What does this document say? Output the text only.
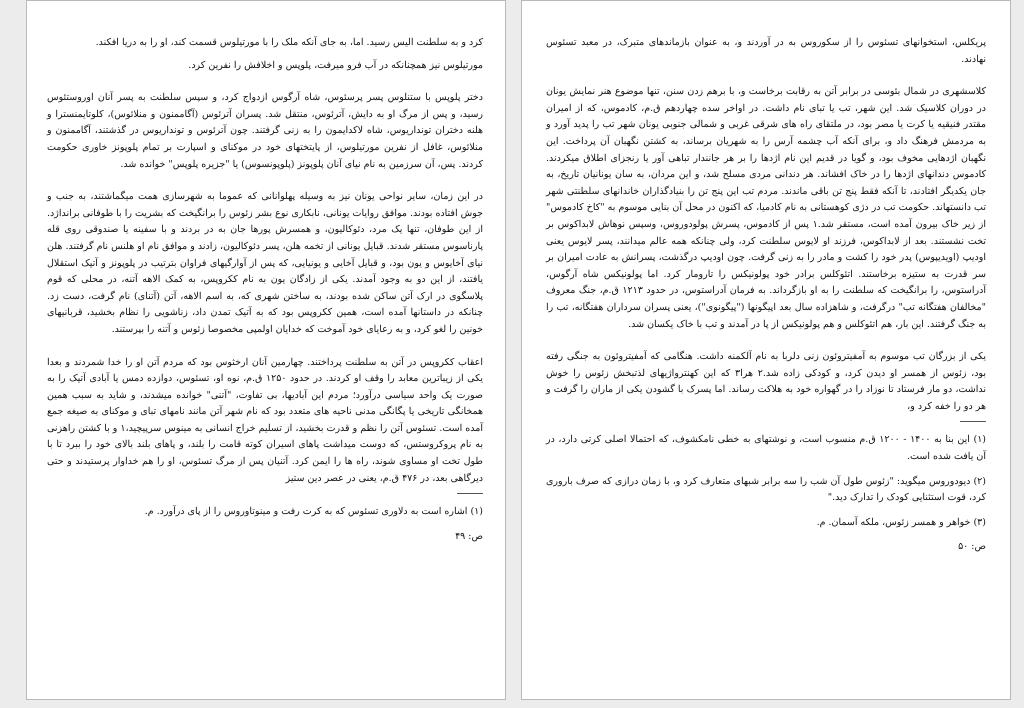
کرد و به سلطنت الیس رسید. اما، به جای آنکه ملک را با مورتیلوس قسمت کند، او را به دریا افکند.

مورتیلوس نیز همچنانکه در آب فرو میرفت، پلوپس و اخلافش را نفرین کرد.

دختر پلوپس با ستنلوس پسر پرسئوس، شاه آرگوس ازدواج کرد، و سپس سلطنت به پسر آنان اوروستئوس رسید، و پس از مرگ او به دایش، آترئوس، منتقل شد. پسران آترئوس (آگاممنون و منلائوس)، کلوتایمنسترا و هلنه دختران تونداریوس، شاه لاکدایمون را به زنی گرفتند. چون آترئوس و تونداریوس در گذشتند، آگاممنون و منلائوس، غافل از نفرین مورتیلوس، از پایتختهای خود در موکنای و اسپارت بر تمام پلوپونز خاوری حکومت کردند. پس، آن سرزمین به نام نیای آنان پلوپونز (پلوپونسوس) یا "جزیره پلوپس" خوانده شد.

در این زمان، سایر نواحی یونان نیز به وسیله پهلوانانی که عموما به شهرسازی همت میگماشتند، به جنب و جوش افتاده بودند. موافق روایات یونانی، نابکاری نوع بشر زئوس را برانگیخت که بشریت را با طوفانی برانداژد. از این طوفان، تنها یک مرد، دئوکالیون، و همسرش پورها جان به در بردند و با سفینه یا صندوقی روی قله پارناسوس مستقر شدند. قبایل یونانی از تخمه هلن، پسر دئوکالیون، زادند و موافق نام او هلنس نام گرفتند. هلن نیای آخایوس و یون بود، و قبایل آخایی و یونیایی، که پس از آوارگیهای فراوان بترتیب در پلوپونز و آتیک استقلال یافتند، از این دو به وجود آمدند. یکی از زادگان یون به نام ککروپس، به کمک الاهه آتنه، در محلی که قوم پلاسگوی در ارک آتن ساکن شده بودند، به ساختن شهری که، به اسم الاهه، آتن (آتنای) نام گرفت، دست زد. چنانکه در داستانها آمده است، همین ککروپس بود که به آتیک تمدن داد، زناشویی را نظام بخشید، قربانیهای خونین را لغو کرد، و به رعایای خود آموخت که خدایان اولمپی مخصوصا زئوس و آتنه را بپرستند.

اعقاب ککروپس در آتن به سلطنت پرداختند. چهارمین آنان ارخثوس بود که مردم آتن او را خدا شمردند و بعدا یکی از زیباترین معابد را وقف او کردند. در حدود ۱۲۵۰ ق.م، نوه او، تسئوس، دوازده دمس یا آبادی آتیک را به صورت یک واحد سیاسی درآورد؛ مردم این آبادیها، بی تفاوت، "آتنی" خوانده میشدند، و شاید به سبب همین همخانگی تاریخی یا پگانگی مدنی ناحیه های متعدد بود که نام شهر آتن مانند نامهای تبای و موکنای به صیغه جمع آمده است. تسئوس آتن را نظم و قدرت بخشید، از تسلیم خراج انسانی به مینوس سرپیچید،۱ و با کشتن راهزنی به نام پروکروستس، که دوست میداشت پاهای اسیران کوته قامت را بلند، و پاهای بلند بالای خود را ببرد تا با طول تخت او مساوی شوند، راه ها را ایمن کرد. آتنیان پس از مرگ تسئوس، او را هم خداوار پرستیدند و حتی دیرگاهی بعد، در ۴۷۶ ق.م، یعنی در عصر دین ستیز

(۱) اشاره است به دلاوری تسئوس که به کرت رفت و مینوتاوروس را از پای درآورد. م.

ص: ۴۹

پریکلس، استخوانهای تسئوس را از سکوروس به در آوردند و، به عنوان بازماندهای متبرک، در معبد تسئوس نهادند.

کلاسشهری در شمال بئوسی در برابر آتن به رقابت برخاست و، با برهم زدن سنن، تنها موضوع هنر نمایش یونان در دوران کلاسیک شد. این شهر، تب یا تبای نام داشت. در اواخر سده چهاردهم ق.م، کادموس، که از امیران مقتدر فنیقیه یا کرت یا مصر بود، در ملتقای راه های شرقی غربی و شمالی جنوبی یونان شهر تب را پدید آورد و به مردمش فرهنگ داد و، برای آنکه آب چشمه آرس را به شهریان برساند، به کشتن نگهبان آن پرداخت. این نگهبان اژدهایی مخوف بود، و گویا در قدیم این نام اژدها را بر هر جانندار تباهی آور یا رنجزای اطلاق میکردند. کادموس دندانهای اژدها را در خاک افشاند. هر دندانی مردی مسلح شد، و این مردان، به سان یونانیان تاریخ، به جان یکدیگر افتادند، تا آنکه فقط پنج تن باقی ماندند. مردم تب این پنج تن را بنیادگذاران خاندانهای سلطنتی شهر تب دانستهاند. حکومت تب در دژی کوهستانی به نام کادمیا، که اکنون در محل آن بنایی موسوم به "کاخ کادموس" از زیر خاک بیرون آمده است، مستقر شد.۱ پس از کادموس، پسرش پولودوروس، وسپس نوهاش لابداکوس بر تخت نشستند. بعد از لابداکوس، فرزند او لایوس سلطنت کرد، ولی چنانکه همه عالم میدانند، پسر لایوس یعنی اودیپ (اویدیپوس) پدر خود را کشت و مادر را به زنی گرفت. چون اودیپ درگذشت، پسرانش به عادت امیران بر سر قدرت به ستیزه برخاستند. اتئوکلس برادر خود پولونیکس را تارومار کرد. اما پولونیکس شاه آرگوس، آدراستوس، را برانگیخت که سلطنت را به او بازگرداند. به فرمان آدراستوس، در حدود ۱۲۱۳ ق.م، جنگ معروف "مخالفان هفتگانه تب" درگرفت، و شاهزاده سال بعد اپیگونها ("پیگونوی")، یعنی پسران سرداران هفتگانه، تب را به جنگ گرفتند. این بار، هم اتئوکلس و هم پولونیکس از پا در آمدند و تب با خاک یکسان شد.

یکی از بزرگان تب موسوم به آمفیتروئون زنی دلربا به نام آلکمنه داشت. هنگامی که آمفیتروئون به جنگی رفته بود، زئوس از همسر او دیدن کرد، و کودکی زاده شد.۲ هرا۳ که این کهنترواژیهای لذتبخش زئوس را خوش نداشت، دو مار فرستاد تا نوزاد را در گهواره خود به هلاکت رساند. اما پسرک با گشودن یکی از ماران را گرفت و هر دو را خفه کرد و،

(۱) این بنا به ۱۴۰۰ - ۱۲۰۰ ق.م منسوب است، و نوشتهای به خطی نامکشوف، که احتمالا اصلی کرتی دارد، در آن یافت شده است.

(۲) دیودوروس میگوید: "زئوس طول آن شب را سه برابر شبهای متعارف کرد و، با زمان درازی که صرف باروری کرد، قوت استثنایی کودک را تدارک دید."

(۳) خواهر و همسر زئوس، ملکه آسمان. م.

ص: ۵۰
